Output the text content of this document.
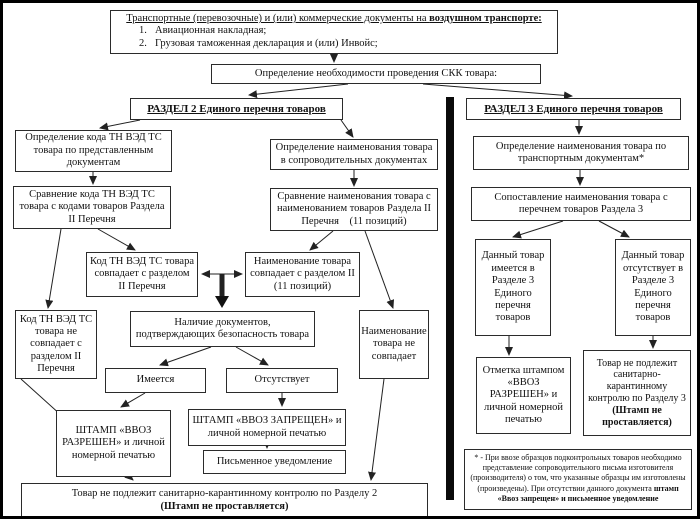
Транспортные (перевозочные) и (или) коммерческие документы на воздушном транспорте:
1. Авиационная накладная;
2. Грузовая таможенная декларация и (или) Инвойс;
Определение необходимости проведения СКК товара:
РАЗДЕЛ 2 Единого перечня товаров
Определение кода ТН ВЭД ТС товара по представленным документам
Определение наименования товара в сопроводительных документах
Сравнение кода ТН ВЭД ТС товара с кодами товаров Раздела II Перечня
Сравнение наименования товара с наименованием товаров Раздела II Перечня    (11 позиций)
Код ТН ВЭД ТС товара совпадает с разделом II Перечня
Наименование товара совпадает с разделом II (11 позиций)
Код ТН ВЭД ТС товара не совпадает с разделом II Перечня
Наличие документов, подтверждающих безопасность товара	Наименование товара не совпадает
Имеется	Отсутствует
ШТАМП «ВВОЗ РАЗРЕШЕН» и личной номерной печатью
ШТАМП «ВВОЗ ЗАПРЕЩЕН» и личной номерной печатью
Письменное уведомление
Товар не подлежит санитарно-карантинному контролю по Разделу 2
(Штамп не проставляется)
РАЗДЕЛ 3 Единого перечня товаров
Определение наименования товара по транспортным документам*
Сопоставление наименования товара с перечнем товаров Раздела 3
Данный товар имеется в Разделе 3 Единого перечня товаров
Данный товар отсутствует в Разделе 3 Единого перечня товаров
Отметка штампом «ВВОЗ РАЗРЕШЕН» и личной номерной печатью
Товар не подлежит санитарно-карантинному контролю по Разделу 3 (Штамп не проставляется)
* - При ввозе образцов подконтрольных товаров необходимо представление сопроводительного письма изготовителя (производителя) о том, что указанные образцы им изготовлены (произведены). При отсутствии данного документа штамп «Ввоз запрещен» и письменное уведомление
